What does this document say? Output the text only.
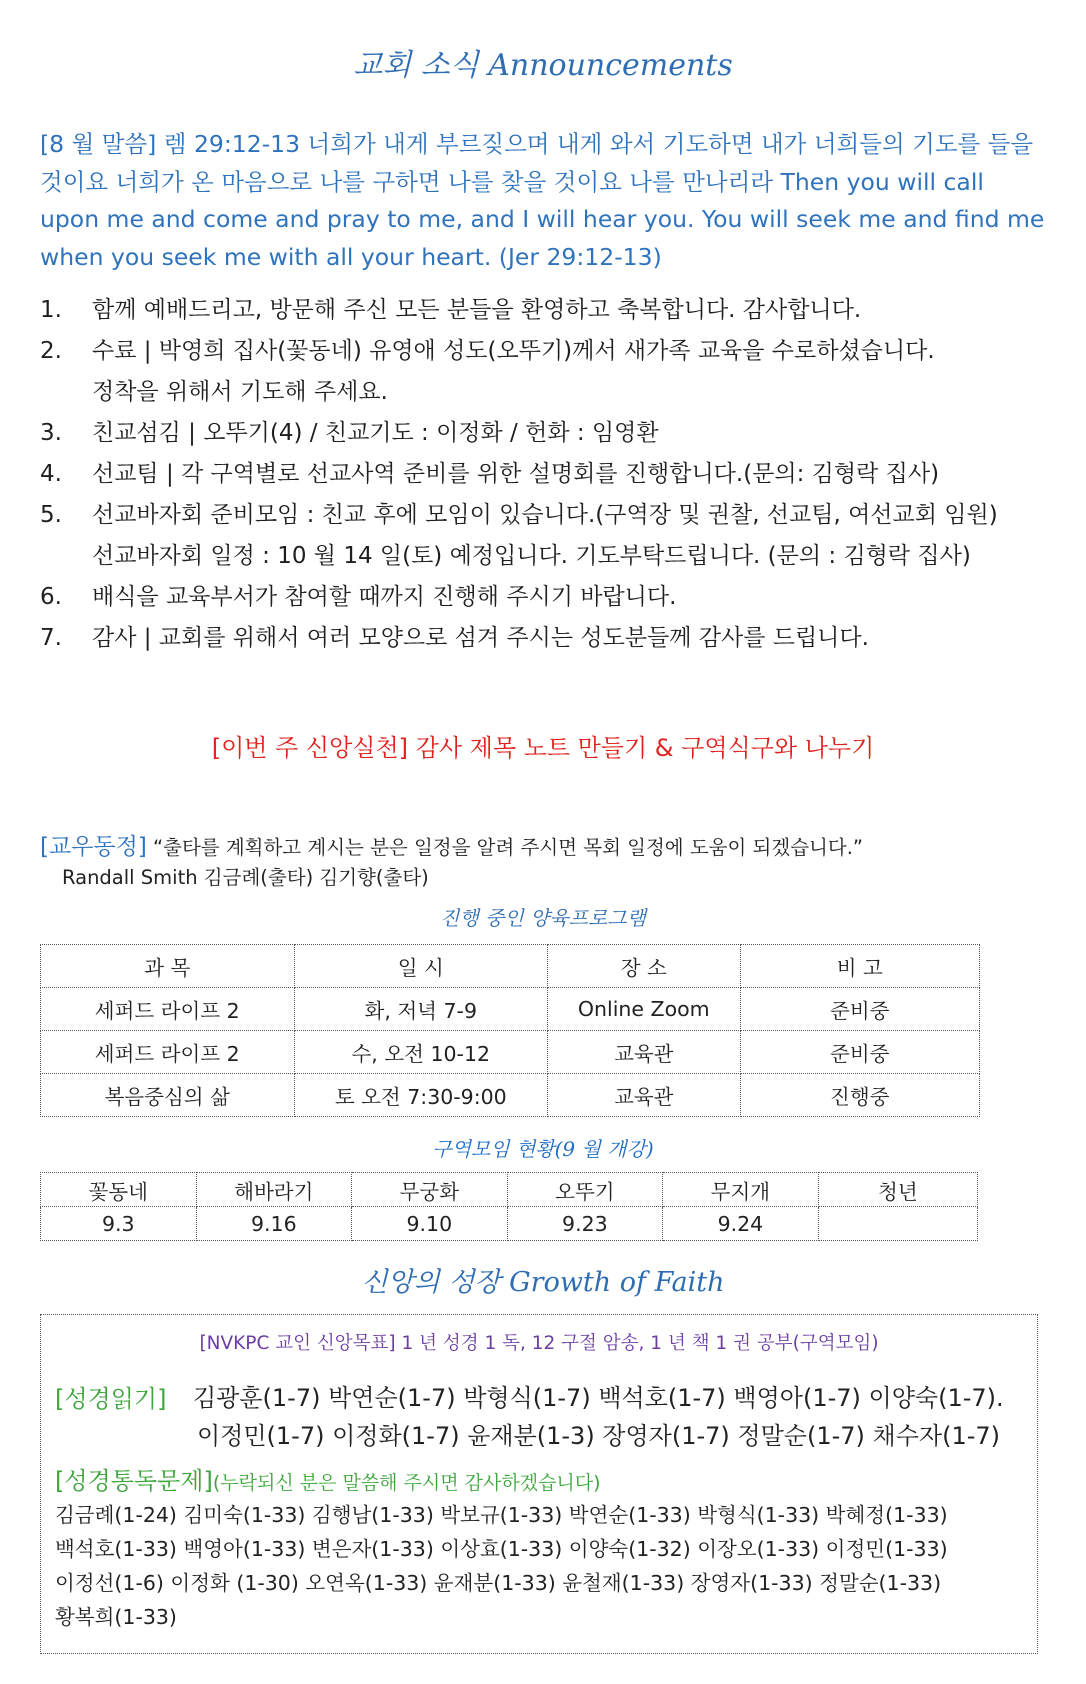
교회 소식 Announcements

[8 월 말씀] 렘 29:12-13 너희가 내게 부르짖으며 내게 와서 기도하면 내가 너희들의 기도를 들을 것이요 너희가 온 마음으로 나를 구하면 나를 찾을 것이요 나를 만나리라 Then you will call upon me and come and pray to me, and I will hear you. You will seek me and find me when you seek me with all your heart. (Jer 29:12-13)

1. 함께 예배드리고, 방문해 주신 모든 분들을 환영하고 축복합니다. 감사합니다.
2. 수료 | 박영희 집사(꽃동네) 유영애 성도(오뚜기)께서 새가족 교육을 수로하셨습니다.
정착을 위해서 기도해 주세요.
3. 친교섬김 | 오뚜기(4) / 친교기도 : 이정화 / 헌화 : 임영환
4. 선교팀 | 각 구역별로 선교사역 준비를 위한 설명회를 진행합니다.(문의: 김형락 집사)
5. 선교바자회 준비모임 : 친교 후에 모임이 있습니다.(구역장 및 권찰, 선교팀, 여선교회 임원)
선교바자회 일정 : 10 월 14 일(토) 예정입니다. 기도부탁드립니다. (문의 : 김형락 집사)
6. 배식을 교육부서가 참여할 때까지 진행해 주시기 바랍니다.
7. 감사 | 교회를 위해서 여러 모양으로 섬겨 주시는 성도분들께 감사를 드립니다.
[이번 주 신앙실천] 감사 제목 노트 만들기 & 구역식구와 나누기
[교우동정] “출타를 계획하고 계시는 분은 일정을 알려 주시면 목회 일정에 도움이 되겠습니다.”
Randall Smith 김금례(출타) 김기향(출타)
진행 중인 양육프로그램
과 목	일 시	장 소	비 고
세퍼드 라이프 2	화, 저녁 7-9	Online Zoom	준비중
세퍼드 라이프 2	수, 오전 10-12	교육관	준비중
복음중심의 삶	토 오전 7:30-9:00	교육관	진행중
구역모임 현황(9 월 개강)
꽃동네	해바라기	무궁화	오뚜기	무지개	청년
9.3	9.16	9.10	9.23	9.24	
신앙의 성장 Growth of Faith
[NVKPC 교인 신앙목표] 1 년 성경 1 독, 12 구절 암송, 1 년 책 1 권 공부(구역모임)
[성경읽기] 김광훈(1-7) 박연순(1-7) 박형식(1-7) 백석호(1-7) 백영아(1-7) 이양숙(1-7).
이정민(1-7) 이정화(1-7) 윤재분(1-3) 장영자(1-7) 정말순(1-7) 채수자(1-7)
[성경통독문제](누락되신 분은 말씀해 주시면 감사하겠습니다)
김금례(1-24) 김미숙(1-33) 김행남(1-33) 박보규(1-33) 박연순(1-33) 박형식(1-33) 박혜정(1-33)
백석호(1-33) 백영아(1-33) 변은자(1-33) 이상효(1-33) 이양숙(1-32) 이장오(1-33) 이정민(1-33)
이정선(1-6) 이정화 (1-30) 오연옥(1-33) 윤재분(1-33) 윤철재(1-33) 장영자(1-33) 정말순(1-33)
황복희(1-33)
